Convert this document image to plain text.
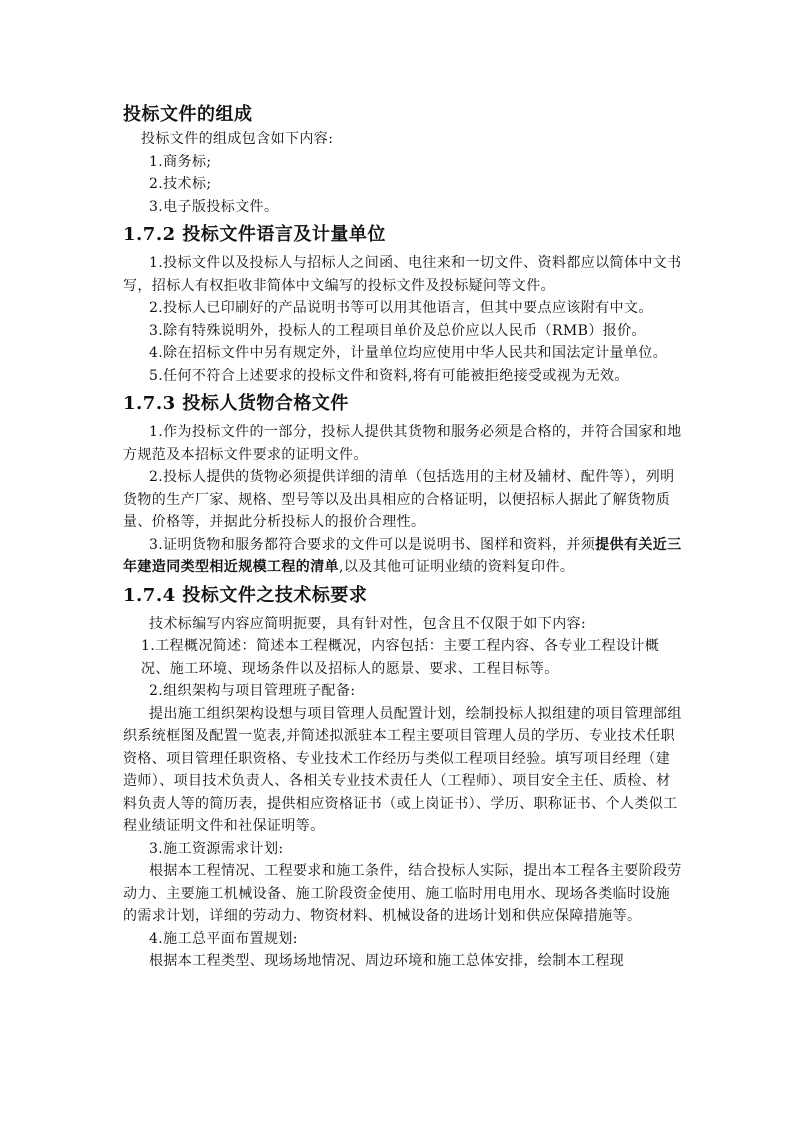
投标文件的组成

投标文件的组成包含如下内容:

1.商务标;

2.技术标;

3.电子版投标文件。

1.7.2 投标文件语言及计量单位

1.投标文件以及投标人与招标人之间函、电往来和一切文件、资料都应以简体中文书写，招标人有权拒收非简体中文编写的投标文件及投标疑问等文件。

2.投标人已印刷好的产品说明书等可以用其他语言，但其中要点应该附有中文。

3.除有特殊说明外，投标人的工程项目单价及总价应以人民币（RMB）报价。

4.除在招标文件中另有规定外，计量单位均应使用中华人民共和国法定计量单位。

5.任何不符合上述要求的投标文件和资料,将有可能被拒绝接受或视为无效。

1.7.3 投标人货物合格文件

1.作为投标文件的一部分，投标人提供其货物和服务必须是合格的，并符合国家和地方规范及本招标文件要求的证明文件。

2.投标人提供的货物必须提供详细的清单（包括选用的主材及辅材、配件等），列明货物的生产厂家、规格、型号等以及出具相应的合格证明，以便招标人据此了解货物质量、价格等，并据此分析投标人的报价合理性。

3.证明货物和服务都符合要求的文件可以是说明书、图样和资料，并须提供有关近三年建造同类型相近规模工程的清单,以及其他可证明业绩的资料复印件。

1.7.4 投标文件之技术标要求

技术标编写内容应简明扼要，具有针对性，包含且不仅限于如下内容:

1.工程概况简述：简述本工程概况，内容包括：主要工程内容、各专业工程设计概况、施工环境、现场条件以及招标人的愿景、要求、工程目标等。

2.组织架构与项目管理班子配备:

提出施工组织架构设想与项目管理人员配置计划，绘制投标人拟组建的项目管理部组织系统框图及配置一览表,并简述拟派驻本工程主要项目管理人员的学历、专业技术任职资格、项目管理任职资格、专业技术工作经历与类似工程项目经验。填写项目经理（建造师）、项目技术负责人、各相关专业技术责任人（工程师）、项目安全主任、质检、材料负责人等的简历表，提供相应资格证书（或上岗证书）、学历、职称证书、个人类似工程业绩证明文件和社保证明等。

3.施工资源需求计划:

根据本工程情况、工程要求和施工条件，结合投标人实际，提出本工程各主要阶段劳动力、主要施工机械设备、施工阶段资金使用、施工临时用电用水、现场各类临时设施的需求计划，详细的劳动力、物资材料、机械设备的进场计划和供应保障措施等。

4.施工总平面布置规划:

根据本工程类型、现场场地情况、周边环境和施工总体安排，绘制本工程现
